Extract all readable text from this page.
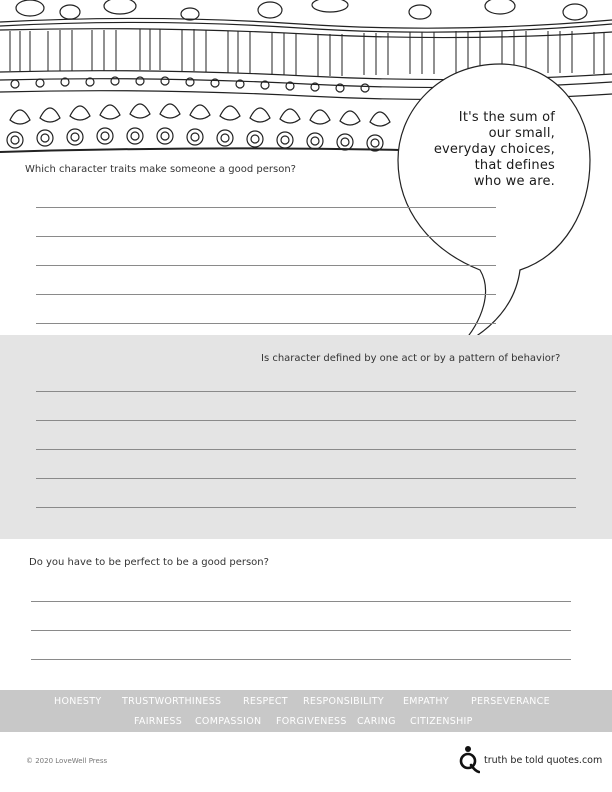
It's the sum of
our small,
everyday choices,
that defines
who we are.
Which character traits make someone a good person?
Is character defined by one act or by a pattern of behavior?
Do you have to be perfect to be a good person?
HONESTY TRUSTWORTHINESS RESPECT RESPONSIBILITY EMPATHY PERSEVERANCE
FAIRNESS COMPASSION FORGIVENESS CARING CITIZENSHIP
© 2020 LoveWell Press	truth be told quotes.com
